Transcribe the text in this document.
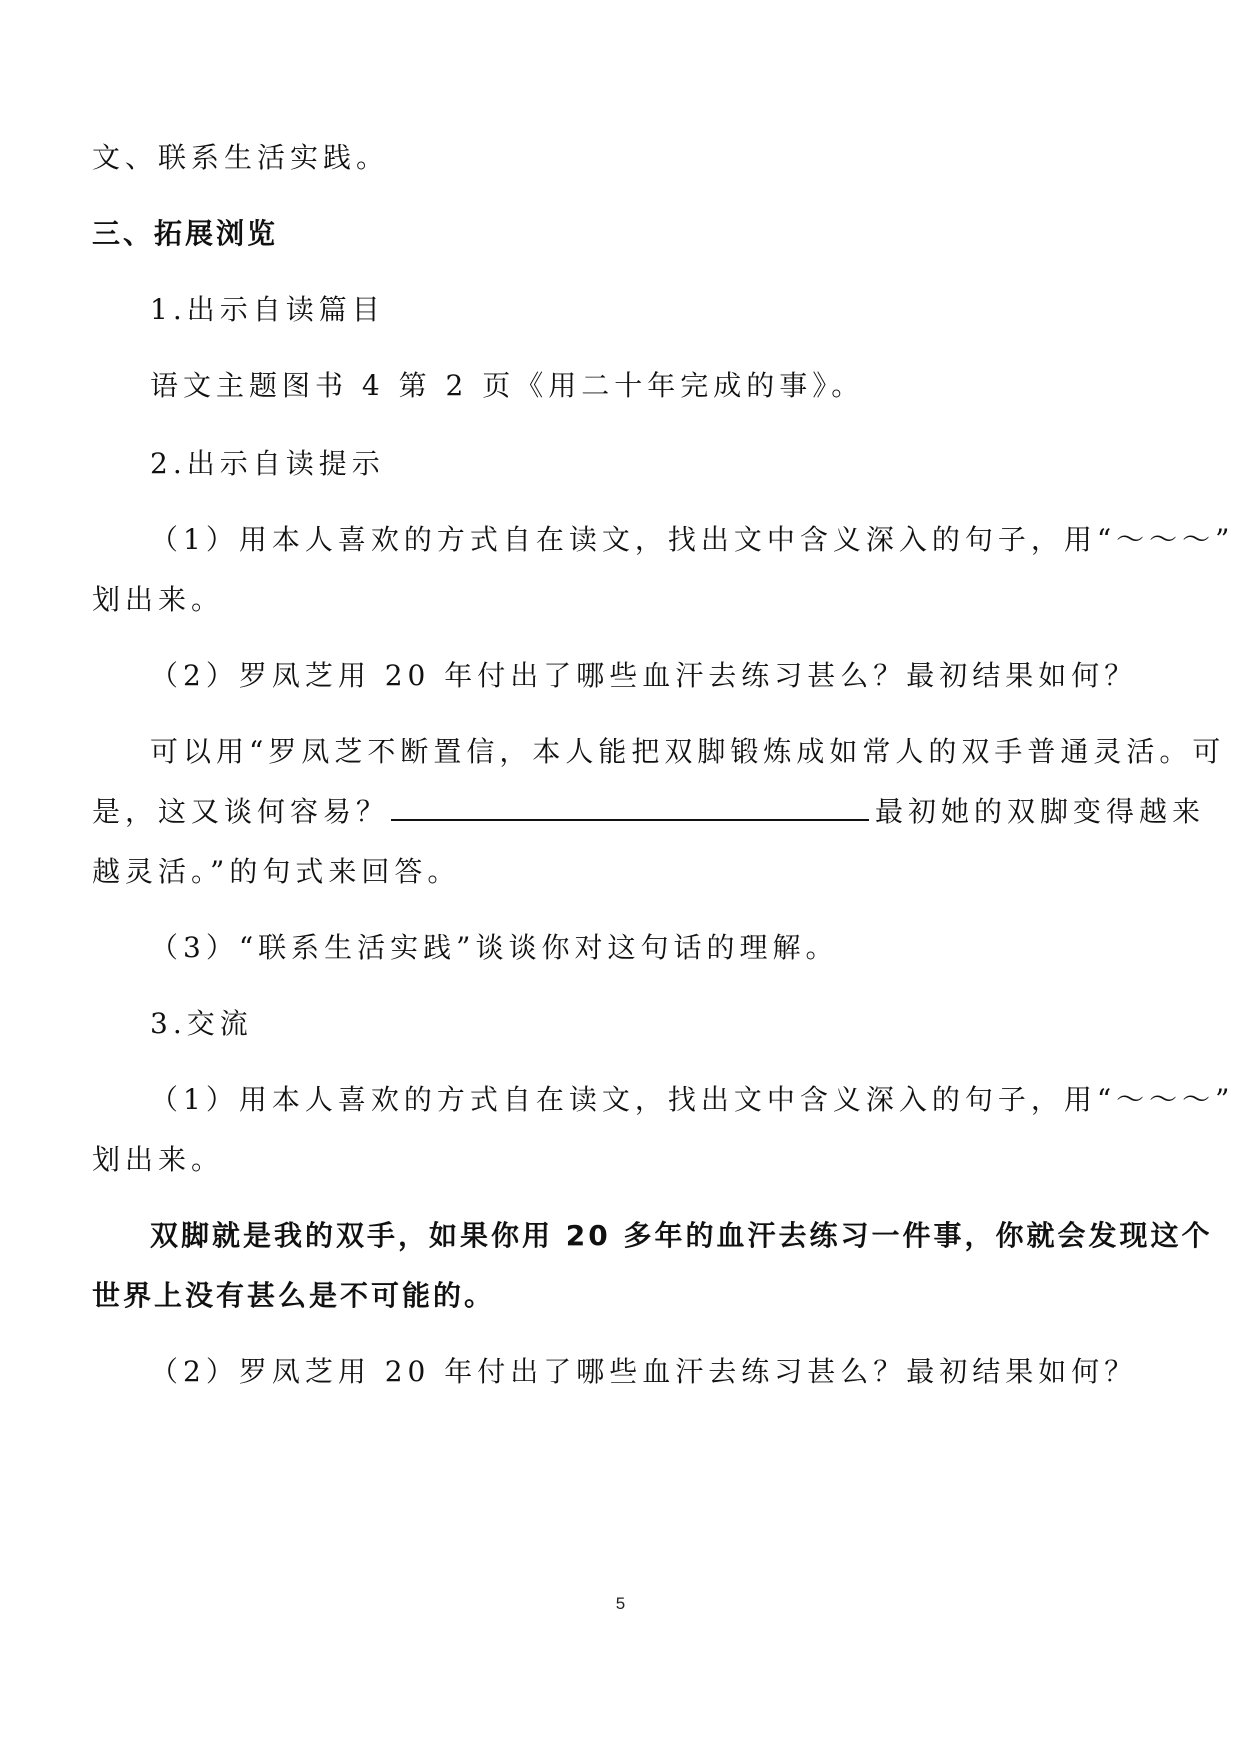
文、联系生活实践。
三、拓展浏览
1.出示自读篇目
语文主题图书 4 第 2 页《用二十年完成的事》。
2.出示自读提示
（1）用本人喜欢的方式自在读文，找出文中含义深入的句子，用“～～～”
划出来。
（2）罗凤芝用 20 年付出了哪些血汗去练习甚么？最初结果如何？
可以用“罗凤芝不断置信，本人能把双脚锻炼成如常人的双手普通灵活。可
是，这又谈何容易？	最初她的双脚变得越来
越灵活。”的句式来回答。
（3）“联系生活实践”谈谈你对这句话的理解。
3.交流
（1）用本人喜欢的方式自在读文，找出文中含义深入的句子，用“～～～”
划出来。
双脚就是我的双手，如果你用 20 多年的血汗去练习一件事，你就会发现这个
世界上没有甚么是不可能的。
（2）罗凤芝用 20 年付出了哪些血汗去练习甚么？最初结果如何？
5
